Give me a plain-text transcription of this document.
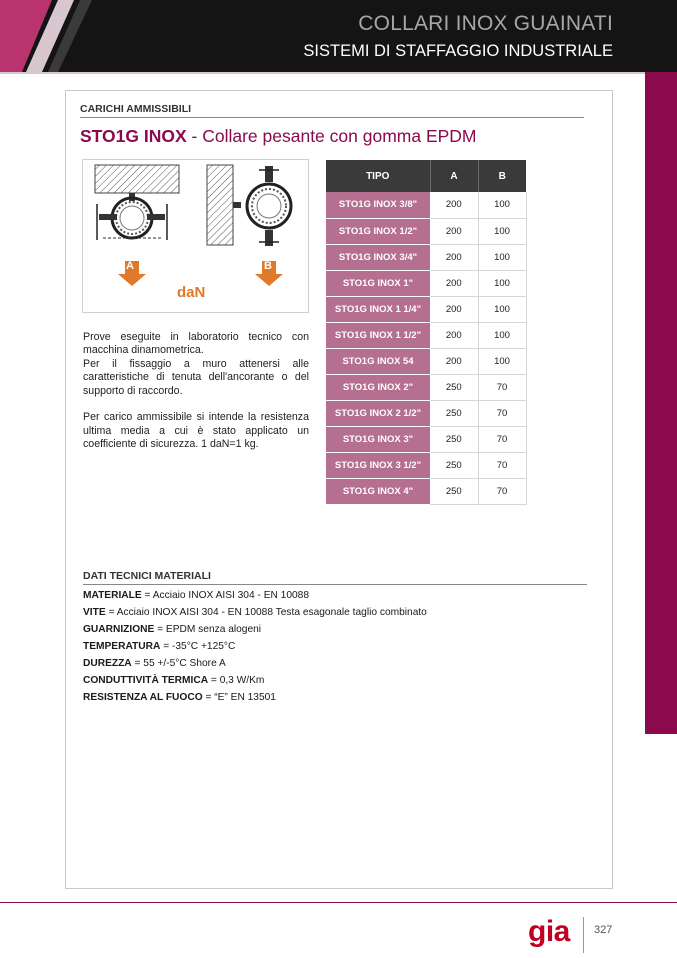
COLLARI INOX GUAINATI
SISTEMI DI STAFFAGGIO INDUSTRIALE
CARICHI AMMISSIBILI
STO1G INOX - Collare pesante con gomma EPDM
A	B
daN

Prove eseguite in laboratorio tecnico con macchina dinamometrica.

Per il fissaggio a muro attenersi alle caratteristiche di tenuta dell'ancorante o del supporto di raccordo.

Per carico ammissibile si intende la resistenza ultima media a cui è stato applicato un coefficiente di sicurezza. 1 daN=1 kg.

TIPO	A	B
STO1G INOX 3/8"	200	100
STO1G INOX 1/2"	200	100
STO1G INOX 3/4"	200	100
STO1G INOX 1"	200	100
STO1G INOX 1 1/4"	200	100
STO1G INOX 1 1/2"	200	100
STO1G INOX 54	200	100
STO1G INOX 2"	250	70
STO1G INOX 2 1/2"	250	70
STO1G INOX 3"	250	70
STO1G INOX 3 1/2"	250	70
STO1G INOX 4"	250	70
DATI TECNICI MATERIALI
MATERIALE = Acciaio INOX AISI 304 - EN 10088
VITE = Acciaio INOX AISI 304 - EN 10088 Testa esagonale taglio combinato
GUARNIZIONE = EPDM senza alogeni
TEMPERATURA = -35°C +125°C
DUREZZA = 55 +/-5°C Shore A
CONDUTTIVITÀ TERMICA = 0,3 W/Km
RESISTENZA AL FUOCO = “E” EN 13501
gia 327
